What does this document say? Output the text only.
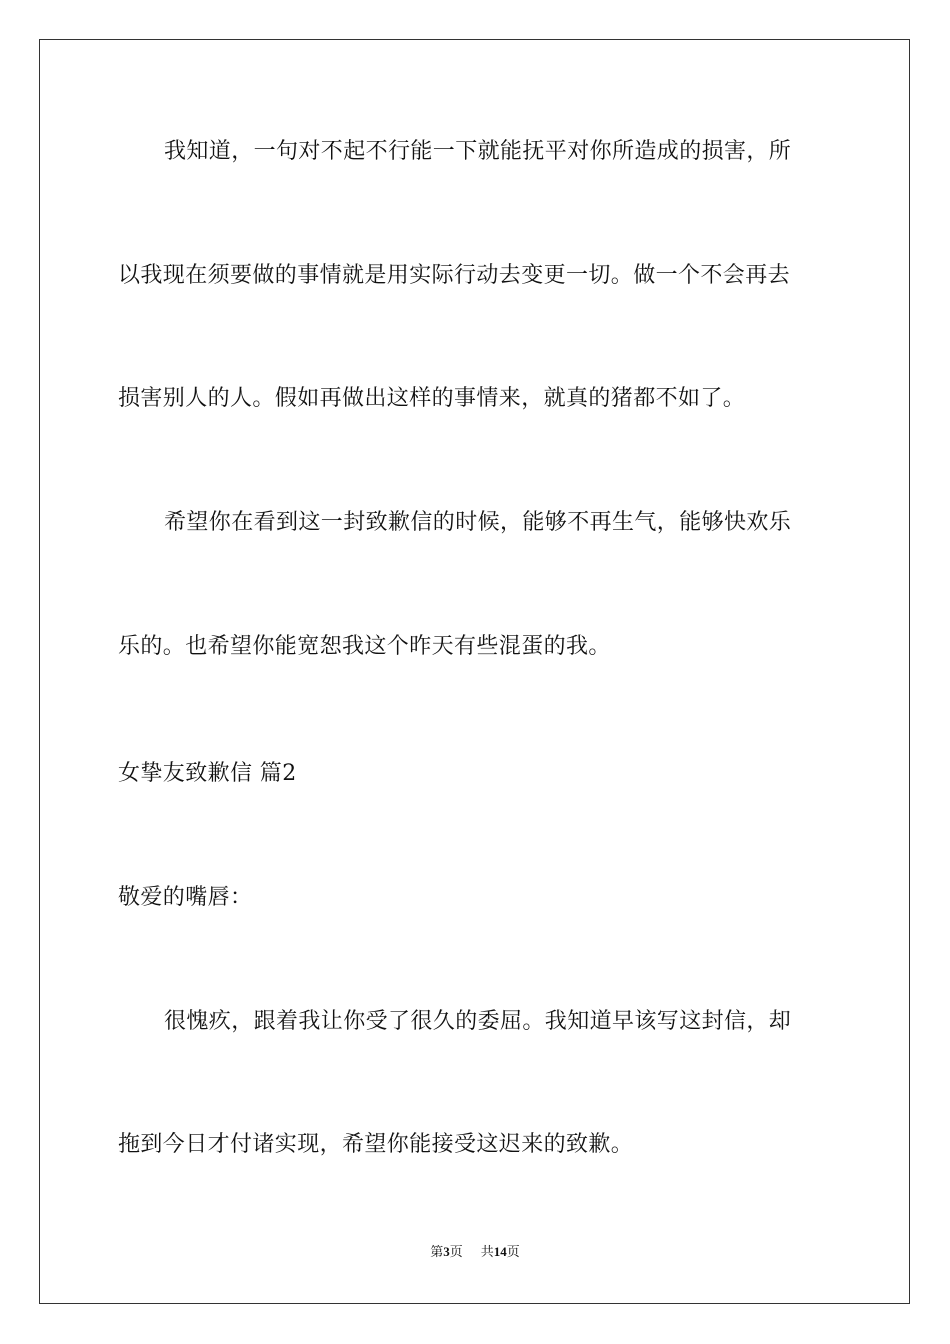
我知道，一句对不起不行能一下就能抚平对你所造成的损害，所
以我现在须要做的事情就是用实际行动去变更一切。做一个不会再去
损害别人的人。假如再做出这样的事情来，就真的猪都不如了。
希望你在看到这一封致歉信的时候，能够不再生气，能够快欢乐
乐的。也希望你能宽恕我这个昨天有些混蛋的我。
女挚友致歉信 篇2
敬爱的嘴唇：
很愧疚，跟着我让你受了很久的委屈。我知道早该写这封信，却
拖到今日才付诸实现，希望你能接受这迟来的致歉。
第3页 共14页
